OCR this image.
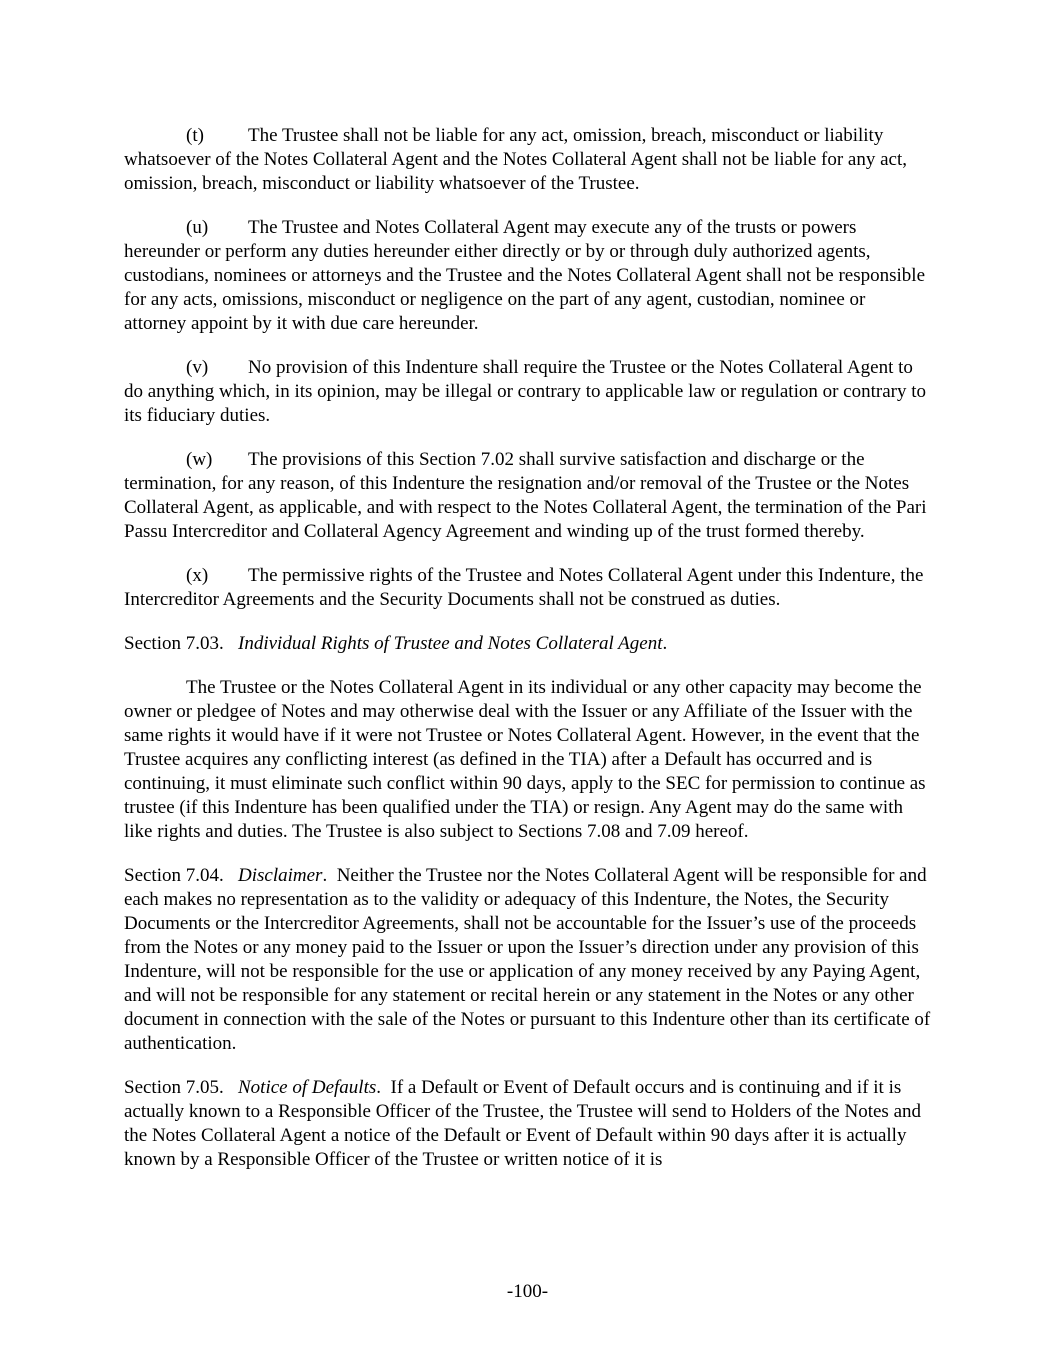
(t) The Trustee shall not be liable for any act, omission, breach, misconduct or liability whatsoever of the Notes Collateral Agent and the Notes Collateral Agent shall not be liable for any act, omission, breach, misconduct or liability whatsoever of the Trustee.

(u) The Trustee and Notes Collateral Agent may execute any of the trusts or powers hereunder or perform any duties hereunder either directly or by or through duly authorized agents, custodians, nominees or attorneys and the Trustee and the Notes Collateral Agent shall not be responsible for any acts, omissions, misconduct or negligence on the part of any agent, custodian, nominee or attorney appoint by it with due care hereunder.

(v) No provision of this Indenture shall require the Trustee or the Notes Collateral Agent to do anything which, in its opinion, may be illegal or contrary to applicable law or regulation or contrary to its fiduciary duties.

(w) The provisions of this Section 7.02 shall survive satisfaction and discharge or the termination, for any reason, of this Indenture the resignation and/or removal of the Trustee or the Notes Collateral Agent, as applicable, and with respect to the Notes Collateral Agent, the termination of the Pari Passu Intercreditor and Collateral Agency Agreement and winding up of the trust formed thereby.

(x) The permissive rights of the Trustee and Notes Collateral Agent under this Indenture, the Intercreditor Agreements and the Security Documents shall not be construed as duties.

Section 7.03. Individual Rights of Trustee and Notes Collateral Agent.

The Trustee or the Notes Collateral Agent in its individual or any other capacity may become the owner or pledgee of Notes and may otherwise deal with the Issuer or any Affiliate of the Issuer with the same rights it would have if it were not Trustee or Notes Collateral Agent. However, in the event that the Trustee acquires any conflicting interest (as defined in the TIA) after a Default has occurred and is continuing, it must eliminate such conflict within 90 days, apply to the SEC for permission to continue as trustee (if this Indenture has been qualified under the TIA) or resign. Any Agent may do the same with like rights and duties. The Trustee is also subject to Sections 7.08 and 7.09 hereof.

Section 7.04. Disclaimer. Neither the Trustee nor the Notes Collateral Agent will be responsible for and each makes no representation as to the validity or adequacy of this Indenture, the Notes, the Security Documents or the Intercreditor Agreements, shall not be accountable for the Issuer’s use of the proceeds from the Notes or any money paid to the Issuer or upon the Issuer’s direction under any provision of this Indenture, will not be responsible for the use or application of any money received by any Paying Agent, and will not be responsible for any statement or recital herein or any statement in the Notes or any other document in connection with the sale of the Notes or pursuant to this Indenture other than its certificate of authentication.

Section 7.05. Notice of Defaults. If a Default or Event of Default occurs and is continuing and if it is actually known to a Responsible Officer of the Trustee, the Trustee will send to Holders of the Notes and the Notes Collateral Agent a notice of the Default or Event of Default within 90 days after it is actually known by a Responsible Officer of the Trustee or written notice of it is

-100-
